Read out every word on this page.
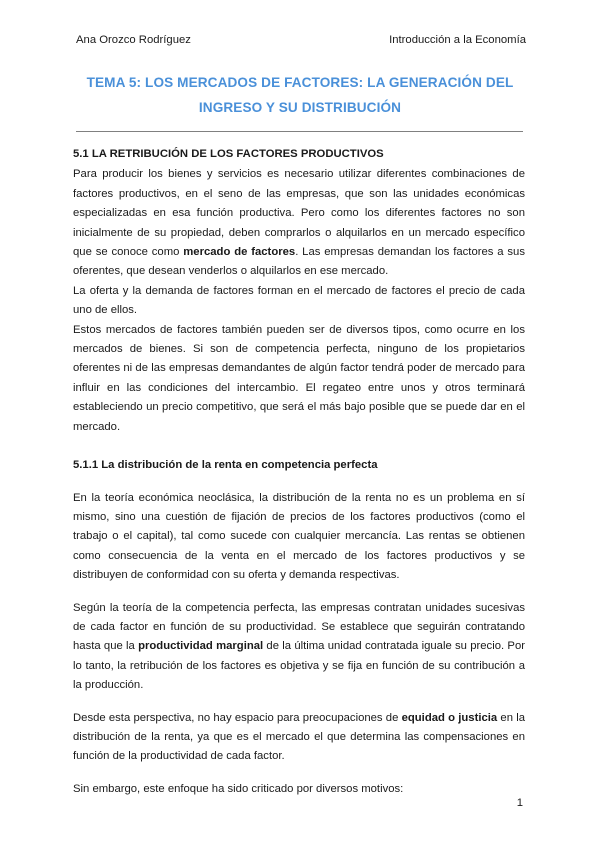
Ana Orozco Rodríguez	Introducción a la Economía
TEMA 5: LOS MERCADOS DE FACTORES: LA GENERACIÓN DEL
INGRESO Y SU DISTRIBUCIÓN

5.1 LA RETRIBUCIÓN DE LOS FACTORES PRODUCTIVOS

Para producir los bienes y servicios es necesario utilizar diferentes combinaciones de factores productivos, en el seno de las empresas, que son las unidades económicas especializadas en esa función productiva. Pero como los diferentes factores no son inicialmente de su propiedad, deben comprarlos o alquilarlos en un mercado específico que se conoce como mercado de factores. Las empresas demandan los factores a sus oferentes, que desean venderlos o alquilarlos en ese mercado.

La oferta y la demanda de factores forman en el mercado de factores el precio de cada uno de ellos.

Estos mercados de factores también pueden ser de diversos tipos, como ocurre en los mercados de bienes. Si son de competencia perfecta, ninguno de los propietarios oferentes ni de las empresas demandantes de algún factor tendrá poder de mercado para influir en las condiciones del intercambio. El regateo entre unos y otros terminará estableciendo un precio competitivo, que será el más bajo posible que se puede dar en el mercado.

5.1.1 La distribución de la renta en competencia perfecta

En la teoría económica neoclásica, la distribución de la renta no es un problema en sí mismo, sino una cuestión de fijación de precios de los factores productivos (como el trabajo o el capital), tal como sucede con cualquier mercancía. Las rentas se obtienen como consecuencia de la venta en el mercado de los factores productivos y se distribuyen de conformidad con su oferta y demanda respectivas.

Según la teoría de la competencia perfecta, las empresas contratan unidades sucesivas de cada factor en función de su productividad. Se establece que seguirán contratando hasta que la productividad marginal de la última unidad contratada iguale su precio. Por lo tanto, la retribución de los factores es objetiva y se fija en función de su contribución a la producción.

Desde esta perspectiva, no hay espacio para preocupaciones de equidad o justicia en la distribución de la renta, ya que es el mercado el que determina las compensaciones en función de la productividad de cada factor.

Sin embargo, este enfoque ha sido criticado por diversos motivos:

1
